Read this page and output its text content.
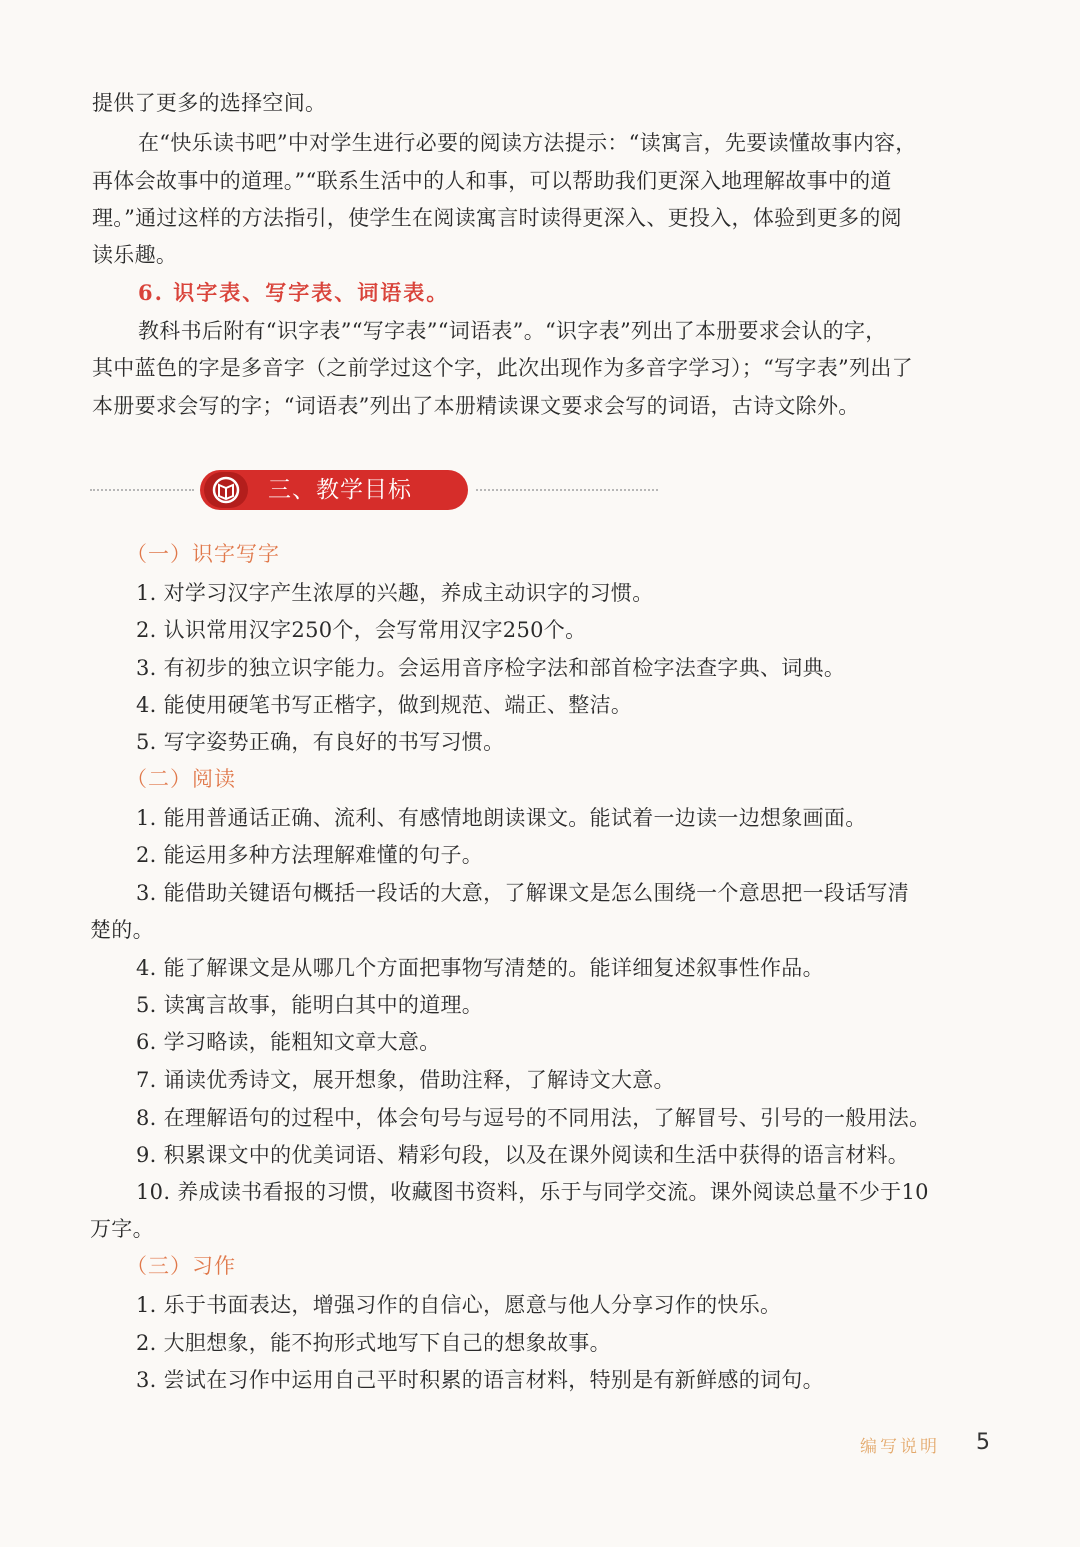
提供了更多的选择空间。
在“快乐读书吧”中对学生进行必要的阅读方法提示：“读寓言，先要读懂故事内容，
再体会故事中的道理。”“联系生活中的人和事，可以帮助我们更深入地理解故事中的道
理。”通过这样的方法指引，使学生在阅读寓言时读得更深入、更投入，体验到更多的阅
读乐趣。
6. 识字表、写字表、词语表。
教科书后附有“识字表”“写字表”“词语表”。“识字表”列出了本册要求会认的字，
其中蓝色的字是多音字（之前学过这个字，此次出现作为多音字学习）；“写字表”列出了
本册要求会写的字；“词语表”列出了本册精读课文要求会写的词语，古诗文除外。
三、教学目标
（一）识字写字
1. 对学习汉字产生浓厚的兴趣，养成主动识字的习惯。
2. 认识常用汉字250个，会写常用汉字250个。
3. 有初步的独立识字能力。会运用音序检字法和部首检字法查字典、词典。
4. 能使用硬笔书写正楷字，做到规范、端正、整洁。
5. 写字姿势正确，有良好的书写习惯。
（二）阅读
1. 能用普通话正确、流利、有感情地朗读课文。能试着一边读一边想象画面。
2. 能运用多种方法理解难懂的句子。
3. 能借助关键语句概括一段话的大意，了解课文是怎么围绕一个意思把一段话写清
楚的。
4. 能了解课文是从哪几个方面把事物写清楚的。能详细复述叙事性作品。
5. 读寓言故事，能明白其中的道理。
6. 学习略读，能粗知文章大意。
7. 诵读优秀诗文，展开想象，借助注释，了解诗文大意。
8. 在理解语句的过程中，体会句号与逗号的不同用法，了解冒号、引号的一般用法。
9. 积累课文中的优美词语、精彩句段，以及在课外阅读和生活中获得的语言材料。
10. 养成读书看报的习惯，收藏图书资料，乐于与同学交流。课外阅读总量不少于10
万字。
（三）习作
1. 乐于书面表达，增强习作的自信心，愿意与他人分享习作的快乐。
2. 大胆想象，能不拘形式地写下自己的想象故事。
3. 尝试在习作中运用自己平时积累的语言材料，特别是有新鲜感的词句。
编写说明 5
